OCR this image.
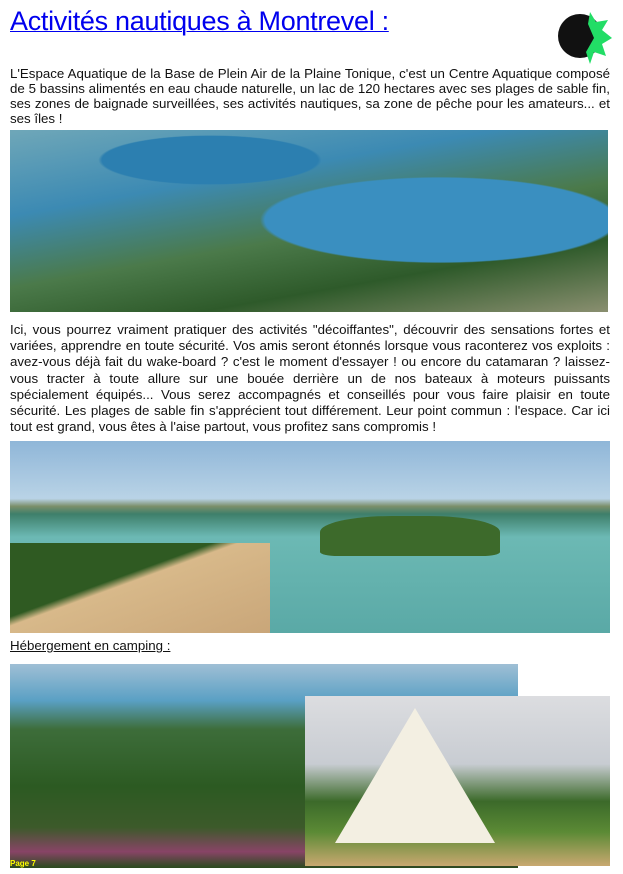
Activités nautiques à Montrevel :
L'Espace Aquatique de la Base de Plein Air de la Plaine Tonique, c'est un Centre Aquatique composé de 5 bassins alimentés en eau chaude naturelle, un lac de 120 hectares avec ses plages de sable fin, ses zones de baignade surveillées, ses activités nautiques, sa zone de pêche pour les amateurs... et ses îles !
Ici, vous pourrez vraiment pratiquer des activités "décoiffantes", découvrir des sensations fortes et variées, apprendre en toute sécurité. Vos amis seront étonnés lorsque vous raconterez vos exploits : avez-vous déjà fait du wake-board ? c'est le moment d'essayer ! ou encore du catamaran ? laissez-vous tracter à toute allure sur une bouée derrière un de nos bateaux à moteurs puissants spécialement équipés... Vous serez accompagnés et conseillés pour vous faire plaisir en toute sécurité. Les plages de sable fin s'apprécient tout différement. Leur point commun : l'espace. Car ici tout est grand, vous êtes à l'aise partout, vous profitez sans compromis !
Hébergement en camping :
Page 7
